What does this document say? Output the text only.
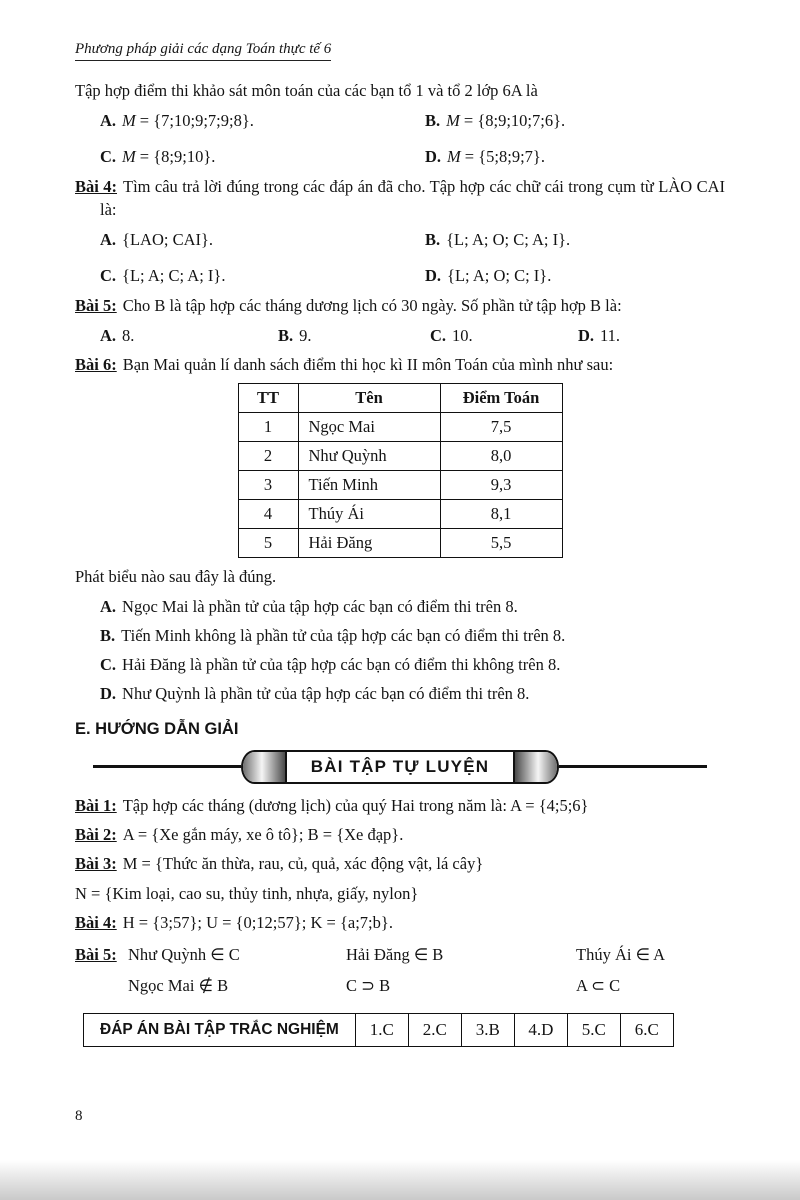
Phương pháp giải các dạng Toán thực tế 6
Tập hợp điểm thi khảo sát môn toán của các bạn tổ 1 và tổ 2 lớp 6A là
A. M = {7;10;9;7;9;8}.	B. M = {8;9;10;7;6}.
C. M = {8;9;10}.	D. M = {5;8;9;7}.
Bài 4: Tìm câu trả lời đúng trong các đáp án đã cho. Tập hợp các chữ cái trong cụm từ LÀO CAI là:
A. {LAO; CAI}.	B. {L; A; O; C; A; I}.
C. {L; A; C; A; I}.	D. {L; A; O; C; I}.
Bài 5: Cho B là tập hợp các tháng dương lịch có 30 ngày. Số phần tử tập hợp B là:
A. 8.	B. 9.	C. 10.	D. 11.
Bài 6: Bạn Mai quản lí danh sách điểm thi học kì II môn Toán của mình như sau:
TT	Tên	Điểm Toán
1	Ngọc Mai	7,5
2	Như Quỳnh	8,0
3	Tiến Minh	9,3
4	Thúy Ái	8,1
5	Hải Đăng	5,5
Phát biểu nào sau đây là đúng.
A. Ngọc Mai là phần tử của tập hợp các bạn có điểm thi trên 8.
B. Tiến Minh không là phần tử của tập hợp các bạn có điểm thi trên 8.
C. Hải Đăng là phần tử của tập hợp các bạn có điểm thi không trên 8.
D. Như Quỳnh là phần tử của tập hợp các bạn có điểm thi trên 8.
E. HƯỚNG DẪN GIẢI
BÀI TẬP TỰ LUYỆN
Bài 1: Tập hợp các tháng (dương lịch) của quý Hai trong năm là: A = {4;5;6}
Bài 2: A = {Xe gắn máy, xe ô tô}; B = {Xe đạp}.
Bài 3: M = {Thức ăn thừa, rau, củ, quả, xác động vật, lá cây}
N = {Kim loại, cao su, thủy tinh, nhựa, giấy, nylon}
Bài 4: H = {3;57}; U = {0;12;57}; K = {a;7;b}.
Bài 5: Như Quỳnh ∈ C	Hải Đăng ∈ B	Thúy Ái ∈ A
Ngọc Mai ∉ B	C ⊃ B	A ⊂ C
ĐÁP ÁN BÀI TẬP TRẮC NGHIỆM	1.C	2.C	3.B	4.D	5.C	6.C
8
